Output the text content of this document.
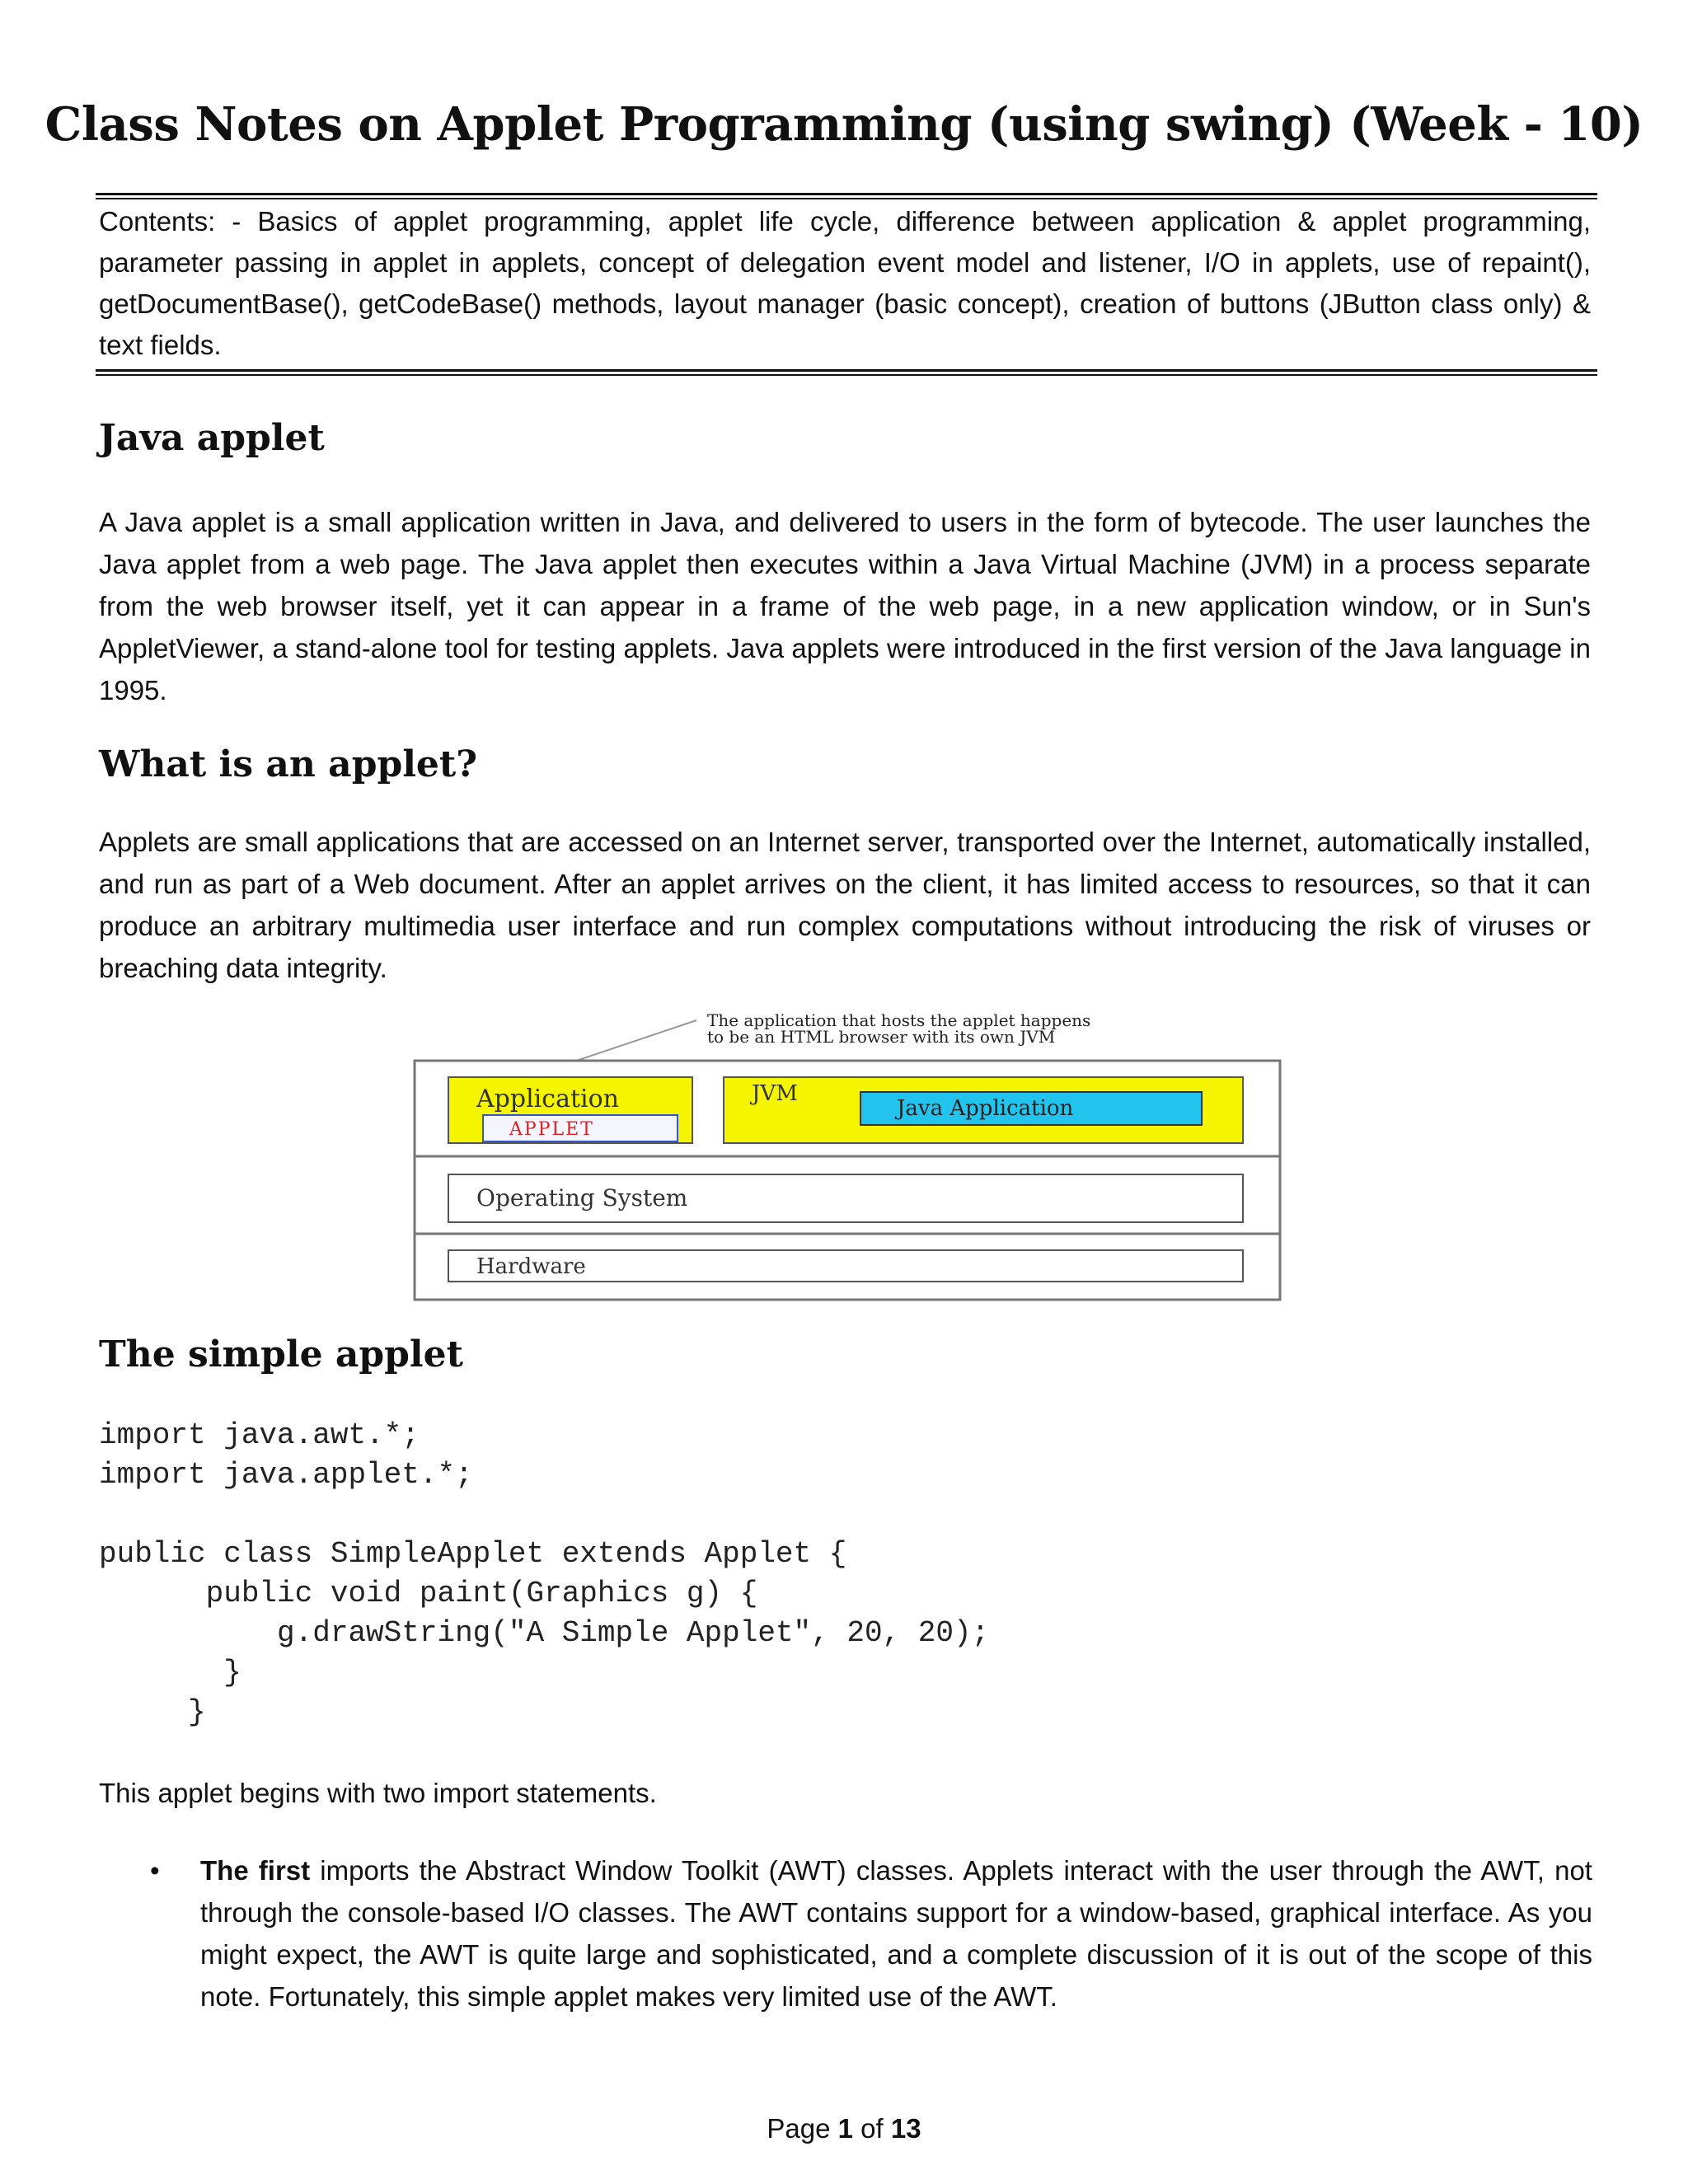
Class Notes on Applet Programming (using swing) (Week - 10)
Contents: - Basics of applet programming, applet life cycle, difference between application & applet programming, parameter passing in applet in applets, concept of delegation event model and listener, I/O in applets, use of repaint(), getDocumentBase(), getCodeBase() methods, layout manager (basic concept), creation of buttons (JButton class only) & text fields.
Java applet
A Java applet is a small application written in Java, and delivered to users in the form of bytecode. The user launches the Java applet from a web page. The Java applet then executes within a Java Virtual Machine (JVM) in a process separate from the web browser itself, yet it can appear in a frame of the web page, in a new application window, or in Sun's AppletViewer, a stand-alone tool for testing applets. Java applets were introduced in the first version of the Java language in 1995.
What is an applet?
Applets are small applications that are accessed on an Internet server, transported over the Internet, automatically installed, and run as part of a Web document. After an applet arrives on the client, it has limited access to resources, so that it can produce an arbitrary multimedia user interface and run complex computations without introducing the risk of viruses or breaching data integrity.
The application that hosts the applet happens
to be an HTML browser with its own JVM
Application
APPLET
JVM
Java Application
Operating System
Hardware
The simple applet
import java.awt.*;
import java.applet.*;

public class SimpleApplet extends Applet {
public void paint(Graphics g) {
g.drawString("A Simple Applet", 20, 20);
}
}
This applet begins with two import statements.
• The first imports the Abstract Window Toolkit (AWT) classes. Applets interact with the user through the AWT, not through the console-based I/O classes. The AWT contains support for a window-based, graphical interface. As you might expect, the AWT is quite large and sophisticated, and a complete discussion of it is out of the scope of this note. Fortunately, this simple applet makes very limited use of the AWT.
Page 1 of 13
